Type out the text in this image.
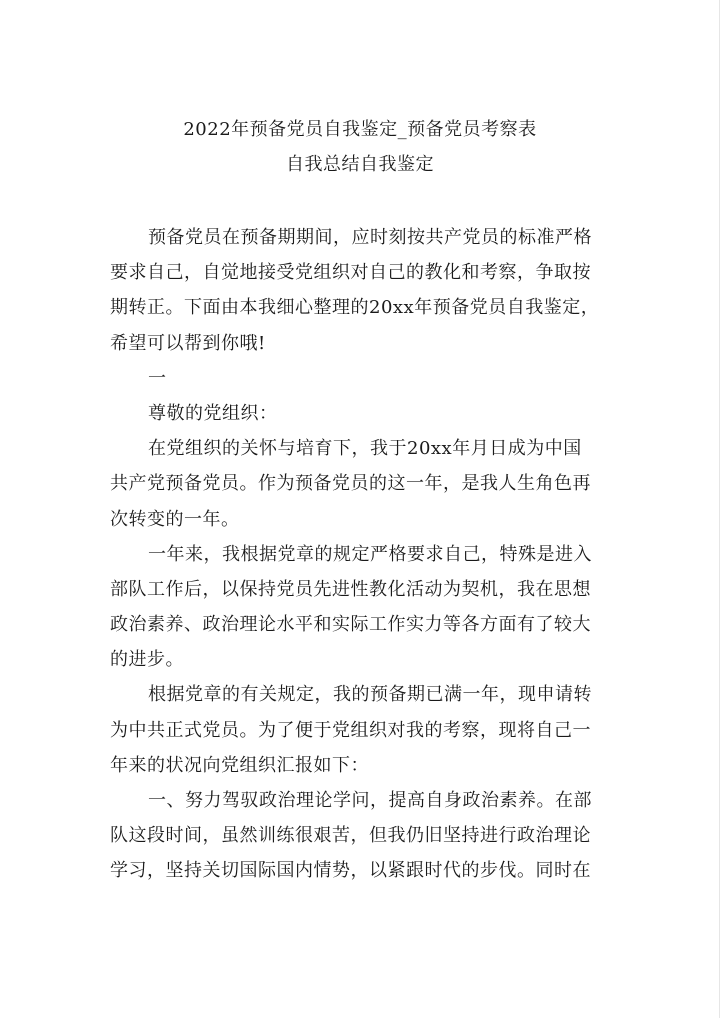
2022年预备党员自我鉴定_预备党员考察表
自我总结自我鉴定
预备党员在预备期期间，应时刻按共产党员的标准严格
要求自己，自觉地接受党组织对自己的教化和考察，争取按
期转正。下面由本我细心整理的20xx年预备党员自我鉴定，
希望可以帮到你哦!
一
尊敬的党组织：
在党组织的关怀与培育下，我于20xx年月日成为中国
共产党预备党员。作为预备党员的这一年，是我人生角色再
次转变的一年。
一年来，我根据党章的规定严格要求自己，特殊是进入
部队工作后，以保持党员先进性教化活动为契机，我在思想
政治素养、政治理论水平和实际工作实力等各方面有了较大
的进步。
根据党章的有关规定，我的预备期已满一年，现申请转
为中共正式党员。为了便于党组织对我的考察，现将自己一
年来的状况向党组织汇报如下：
一、努力驾驭政治理论学问，提高自身政治素养。在部
队这段时间，虽然训练很艰苦，但我仍旧坚持进行政治理论
学习，坚持关切国际国内情势，以紧跟时代的步伐。同时在
